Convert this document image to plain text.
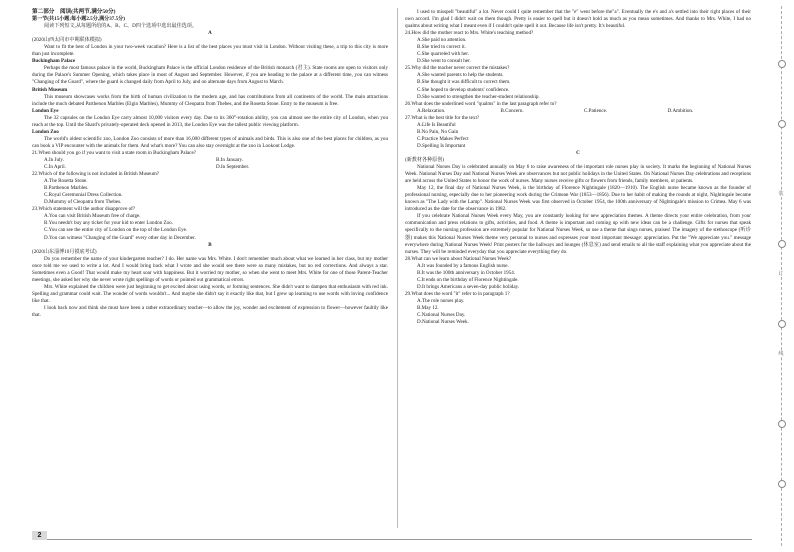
第二部分　阅读(共两节,满分50分)

第一节(共15小题;每小题2.5分,满分37.5分)

阅读下列短文,从每题所给的A、B、C、D四个选项中选出最佳选项。

A

(2020山西太同市中期联体模拟)

Want to fit the best of London in your two-week vacation? Here is a list of the best places you must visit in London. Without visiting these, a trip to this city is more than just incomplete.

Buckingham Palace

Perhaps the most famous palace in the world, Buckingham Palace is the official London residence of the British monarch (君主). State rooms are open to visitors only during the Palace's Summer Opening, which takes place in most of August and September. However, if you are heading to the palace at a different time, you can witness "Changing of the Guard", where the guard is changed daily from April to July, and on alternate days from August to March.

British Museum

This museum showcases works from the birth of human civilization to the modern age, and has contributions from all continents of the world. The main attractions include the much debated Parthenon Marbles (Elgin Marbles), Mummy of Cleopatra from Thebes, and the Rosetta Stone. Entry to the museum is free.

London Eye

The 32 capsules on the London Eye carry almost 10,000 visitors every day. Due to its 360°-rotation ability, you can almost see the entire city of London, when you reach at the top. Until the Shard's privately-operated deck opened in 2013, the London Eye was the tallest public viewing platform.

London Zoo

The world's oldest scientific zoo, London Zoo consists of more than 16,000 different types of animals and birds. This is also one of the best places for children, as you can book a VIP encounter with the animals for them. And what's more? You can also stay overnight at the zoo in Lookout Lodge.

21.When should you go if you want to visit a state room in Buckingham Palace?

A.In July.	B.In January.
C.In April.	D.In September.

22.Which of the following is not included in British Museum?

A.The Rosetta Stone.

B.Parthenon Marbles.

C.Royal Ceremonial Dress Collection.

D.Mummy of Cleopatra from Thebes.

23.Which statement will the author disapprove of?

A.You can visit British Museum free of charge.

B.You needn't buy any ticket for your kid to enter London Zoo.

C.You can see the entire city of London on the top of the London Eye.

D.You can witness "Changing of the Guard" every other day in December.

B

(2020山东淄博10月摸底考试)

Do you remember the name of your kindergarten teacher? I do. Her name was Mrs. White. I don't remember much about what we learned in her class, but my mother once told me we used to write a lot. And I would bring back what I wrote and she would see there were so many mistakes, but no red corrections. And always a star. Sometimes even a Good! That would make my heart soar with happiness. But it worried my mother, so when she went to meet Mrs. White for one of those Parent-Teacher meetings, she asked her why she never wrote right spellings of words or pointed out grammatical errors.

Mrs. White explained the children were just beginning to get excited about using words, or forming sentences. She didn't want to dampen that enthusiasm with red ink. Spelling and grammar could wait. The wonder of words wouldn't... And maybe she didn't say it exactly like that, but I grew up learning to use words with loving confidence like that.

I look back now and think she must have been a rather extraordinary teacher—to allow the joy, wonder and excitement of expression to flower—however faultily like that.

I used to misspell "beautiful" a lot. Never could I quite remember that the "e" went before the"a". Eventually the e's and a's settled into their right places of their own accord. I'm glad I didn't wait on them though. Pretty is easier to spell but it doesn't hold as much as you mean sometimes. And thanks to Mrs. White, I had no qualms about writing what I meant even if I couldn't quite spell it out. Because life isn't pretty. It's beautiful.

24.How did the mother react to Mrs. White's teaching method?

A.She paid no attention.

B.She tried to correct it.

C.She quarreled with her.

D.She went to consult her.

25.Why did the teacher never correct the mistakes?

A.She wanted parents to help the students.

B.She thought it was difficult to correct them.

C.She hoped to develop students' confidence.

D.She wanted to strengthen the teacher-student relationship.

26.What does the underlined word "qualms" in the last paragraph refer to?

A.Relaxation.	B.Concern.	C.Patience.	D.Ambition.

27.What is the best title for the text?

A.Life Is Beautiful

B.No Pain, No Gain

C.Practice Makes Perfect

D.Spelling Is Important

C

(新教材各种原创)

National Nurses Day is celebrated annually on May 6 to raise awareness of the important role nurses play in society. It marks the beginning of National Nurses Week. National Nurses Day and National Nurses Week are observances but not public holidays in the United States. On National Nurses Day celebrations and receptions are held across the United States to honor the work of nurses. Many nurses receive gifts or flowers from friends, family members, or patients.

May 12, the final day of National Nurses Week, is the birthday of Florence Nightingale (1820—1910). The English nurse became known as the founder of professional nursing, especially due to her pioneering work during the Crimean War (1853—1856). Due to her habit of making the rounds at night, Nightingale became known as "The Lady with the Lamp". National Nurses Week was first observed in October 1954, the 100th anniversary of Nightingale's mission to Crimea. May 6 was introduced as the date for the observance in 1982.

If you celebrate National Nurses Week every May, you are constantly looking for new appreciation themes. A theme directs your entire celebration, from your communication and press relations to gifts, activities, and food. A theme is important and coming up with new ideas can be a challenge. Gifts for nurses that speak specifically to the nursing profession are extremely popular for National Nurses Week, so use a theme that sings nurses, praises! The imagery of the stethoscope (听诊器) makes this National Nurses Week theme very personal to nurses and expresses your most important message: appreciation. Put the "We appreciate you." message everywhere during National Nurses Week! Print posters for the hallways and lounges (休息室) and send emails to all the staff explaining what you appreciate about the nurses. They will be reminded everyday that you appreciate everything they do.

28.What can we learn about National Nurses Week?

A.It was founded by a famous English nurse.

B.It was the 100th anniversary in October 1954.

C.It ends on the birthday of Florence Nightingale.

D.It brings Americans a seven-day public holiday.

29.What does the word "it" refer to in paragraph 1?

A.The role nurses play.

B.May 12.

C.National Nurses Day.

D.National Nurses Week.

2
装
订
线
